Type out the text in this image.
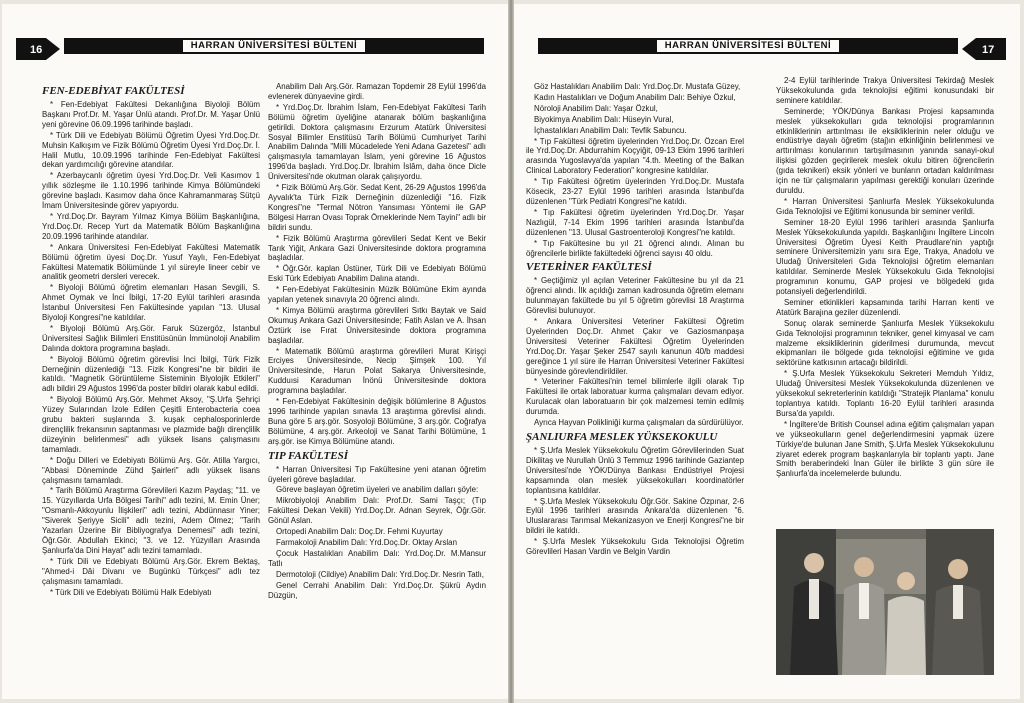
16	HARRAN ÜNİVERSİTESİ BÜLTENİ
FEN-EDEBİYAT FAKÜLTESİ

* Fen-Edebiyat Fakültesi Dekanlığına Biyoloji Bölüm Başkanı Prof.Dr. M. Yaşar Ünlü atandı. Prof.Dr. M. Yaşar Ünlü yeni görevine 06.09.1996 tarihinde başladı.

* Türk Dili ve Edebiyatı Bölümü Öğretim Üyesi Yrd.Doç.Dr. Muhsin Kalkışım ve Fizik Bölümü Öğretim Üyesi Yrd.Doç.Dr. İ. Halil Mutlu, 10.09.1996 tarihinde Fen-Edebiyat Fakültesi dekan yardımcılığı görevine atandılar.

* Azerbaycanlı öğretim üyesi Yrd.Doç.Dr. Veli Kasımov 1 yıllık sözleşme ile 1.10.1996 tarihinde Kimya Bölümündeki görevine başladı. Kasımov daha önce Kahramanmaraş Sütçü İmam Üniversitesinde görev yapıyordu.

* Yrd.Doç.Dr. Bayram Yılmaz Kimya Bölüm Başkanlığına, Yrd.Doç.Dr. Recep Yurt da Matematik Bölüm Başkanlığına 20.09.1996 tarihinde atandılar.

* Ankara Üniversitesi Fen-Edebiyat Fakültesi Matematik Bölümü öğretim üyesi Doç.Dr. Yusuf Yaylı, Fen-Edebiyat Fakültesi Matematik Bölümünde 1 yıl süreyle lineer cebir ve analitik geometri dersleri verecek.

* Biyoloji Bölümü öğretim elemanları Hasan Sevgili, S. Ahmet Oymak ve İnci İbilgi, 17-20 Eylül tarihleri arasında İstanbul Üniversitesi Fen Fakültesinde yapılan "13. Ulusal Biyoloji Kongresi"ne katıldılar.

* Biyoloji Bölümü Arş.Gör. Faruk Süzergöz, İstanbul Üniversitesi Sağlık Bilimleri Enstitüsünün İmmünoloji Anabilim Dalında doktora programına başladı.

* Biyoloji Bölümü öğretim görevlisi İnci İbilgi, Türk Fizik Derneğinin düzenlediği "13. Fizik Kongresi"ne bir bildiri ile katıldı. "Magnetik Görüntüleme Sisteminin Biyolojik Etkileri" adlı bildiri 29 Ağustos 1996'da poster bildiri olarak kabul edildi.

* Biyoloji Bölümü Arş.Gör. Mehmet Aksoy, "Ş.Urfa Şehriçi Yüzey Sularından İzole Edilen Çeşitli Enterobacteria coea grubu bakteri suşlarında 3. kuşak cephalosporinlerde dirençlilik frekansının saptanması ve plazmide bağlı dirençlilik düzeyinin belirlenmesi" adlı yüksek lisans çalışmasını tamamladı.

* Doğu Dilleri ve Edebiyatı Bölümü Arş. Gör. Atilla Yargıcı, "Abbasi Döneminde Zühd Şairleri" adlı yüksek lisans çalışmasını tamamladı.

* Tarih Bölümü Araştırma Görevlileri Kazım Paydaş; "11. ve 15. Yüzyıllarda Urfa Bölgesi Tarihi" adlı tezini, M. Emin Üner; "Osmanlı-Akkoyunlu İlişkileri" adlı tezini, Abdünnasır Yiner; "Siverek Şeriyye Sicili" adlı tezini, Adem Ölmez; "Tarih Yazarları Üzerine Bir Bibliyografya Denemesi" adlı tezini, Öğr.Gör. Abdullah Ekinci; "3. ve 12. Yüzyılları Arasında Şanlıurfa'da Dini Hayat" adlı tezini tamamladı.

* Türk Dili ve Edebiyatı Bölümü Arş.Gör. Ekrem Bektaş, "Ahmed-i Dâi Divanı ve Bugünkü Türkçesi" adlı tez çalışmasını tamamladı.

* Türk Dili ve Edebiyatı Bölümü Halk Edebiyatı

Anabilim Dalı Arş.Gör. Ramazan Topdemir 28 Eylül 1996'da evlenerek dünyaevine girdi.

* Yrd.Doç.Dr. İbrahim İslam, Fen-Edebiyat Fakültesi Tarih Bölümü öğretim üyeliğine atanarak bölüm başkanlığına getirildi. Doktora çalışmasını Erzurum Atatürk Üniversitesi Sosyal Bilimler Enstitüsü Tarih Bölümü Cumhuriyet Tarihi Anabilim Dalında "Milli Mücadelede Yeni Adana Gazetesi" adlı çalışmasıyla tamamlayan İslam, yeni görevine 16 Ağustos 1996'da başladı. Yrd.Doç.Dr. İbrahim İslâm, daha önce Dicle Üniversitesi'nde okutman olarak çalışıyordu.

* Fizik Bölümü Arş.Gör. Sedat Kent, 26-29 Ağustos 1996'da Ayvalık'ta Türk Fizik Derneğinin düzenlediği "16. Fizik Kongresi"ne "Termal Nötron Yansıması Yöntemi ile GAP Bölgesi Harran Ovası Toprak Örneklerinde Nem Tayini" adlı bir bildiri sundu.

* Fizik Bölümü Araştırma görevlileri Sedat Kent ve Bekir Tarık Yiğit, Ankara Gazi Üniversitesinde doktora programına başladılar.

* Öğr.Gör. kaplan Üstüner, Türk Dili ve Edebiyatı Bölümü Eski Türk Edebiyatı Anabilim Dalına atandı.

* Fen-Edebiyat Fakültesinin Müzik Bölümüne Ekim ayında yapılan yetenek sınavıyla 20 öğrenci alındı.

* Kimya Bölümü araştırma görevlileri Sıtkı Baytak ve Said Okumuş Ankara Gazi Üniversitesinde; Fatih Aslan ve A. İhsan Öztürk ise Fırat Üniversitesinde doktora programına başladılar.

* Matematik Bölümü araştırma görevlileri Murat Kirişçi Erciyes Üniversitesinde, Necip Şimşek 100. Yıl Üniversitesinde, Harun Polat Sakarya Üniversitesinde, Kudduısi Karaduman İnönü Üniversitesinde doktora programına başladılar.

* Fen-Edebiyat Fakültesinin değişik bölümlerine 8 Ağustos 1996 tarihinde yapılan sınavla 13 araştırma görevlisi alındı. Buna göre 5 arş.gör. Sosyoloji Bölümüne, 3 arş.gör. Coğrafya Bölümüne, 4 arş.gör. Arkeoloji ve Sanat Tarihi Bölümüne, 1 arş.gör. ise Kimya Bölümüne atandı.

TIP FAKÜLTESİ

* Harran Üniversitesi Tıp Fakültesine yeni atanan öğretim üyeleri göreve başladılar.

Göreve başlayan öğretim üyeleri ve anabilim dalları şöyle:

Mikrobiyoloji Anabilim Dalı: Prof.Dr. Sami Taşçı; (Tıp Fakültesi Dekan Vekili) Yrd.Doç.Dr. Adnan Seyrek, Öğr.Gör. Gönül Aslan.

Ortopedi Anabilim Dalı: Doç.Dr. Fehmi Kuyurtay

Farmakoloji Anabilim Dalı: Yrd.Doç.Dr. Oktay Arslan

Çocuk Hastalıkları Anabilim Dalı: Yrd.Doç.Dr. M.Mansur Tatlı

Dermotoloji (Cildiye) Anabilim Dalı: Yrd.Doç.Dr. Nesrin Tatlı,

Genel Cerrahi Anabilim Dalı: Yrd.Doç.Dr. Şükrü Aydın Düzgün,

HARRAN ÜNİVERSİTESİ BÜLTENİ	17

Göz Hastalıkları Anabilim Dalı: Yrd.Doç.Dr. Mustafa Güzey,

Kadın Hastalıkları ve Doğum Anabilim Dalı: Behiye Özkul,

Nöroloji Anabilim Dalı: Yaşar Özkul,

Biyokimya Anabilim Dalı: Hüseyin Vural,

İçhastalıkları Anabilim Dalı: Tevfik Sabuncu.

* Tıp Fakültesi öğretim üyelerinden Yrd.Doç.Dr. Özcan Erel ile Yrd.Doç.Dr. Abdurrahim Koçyiğit, 09-13 Ekim 1996 tarihleri arasında Yugoslavya'da yapılan "4.th. Meeting of the Balkan Clinical Laboratory Federation" kongresine katıldılar.

* Tıp Fakültesi öğretim üyelerinden Yrd.Doç.Dr. Mustafa Kösecik, 23-27 Eylül 1996 tarihleri arasında İstanbul'da düzenlenen "Türk Pediatri Kongresi"ne katıldı.

* Tıp Fakültesi öğretim üyelerinden Yrd.Doç.Dr. Yaşar Nazlıgül, 7-14 Ekim 1996 tarihleri arasında İstanbul'da düzenlenen "13. Ulusal Gastroenteroloji Kongresi"ne katıldı.

* Tıp Fakültesine bu yıl 21 öğrenci alındı. Alınan bu öğrencilerle birlikte fakültedeki öğrenci sayısı 40 oldu.

VETERİNER FAKÜLTESİ

* Geçtiğimiz yıl açılan Veteriner Fakültesine bu yıl da 21 öğrenci alındı. İlk açıldığı zaman kadrosunda öğretim elemanı bulunmayan fakültede bu yıl 5 öğretim görevlisi 18 Araştırma Görevlisi bulunuyor.

* Ankara Üniversitesi Veteriner Fakültesi Öğretim Üyelerinden Doç.Dr. Ahmet Çakır ve Gaziosmanpaşa Üniversitesi Veteriner Fakültesi Öğretim Üyelerinden Yrd.Doç.Dr. Yaşar Şeker 2547 sayılı kanunun 40/b maddesi gereğince 1 yıl süre ile Harran Üniversitesi Veteriner Fakültesi bünyesinde görevlendirildiler.

* Veteriner Fakültesi'nin temel bilimlerle ilgili olarak Tıp Fakültesi ile ortak laboratuar kurma çalışmaları devam ediyor. Kurulacak olan laboratuarın bir çok malzemesi temin edilmiş durumda.

Ayrıca Hayvan Polikliniği kurma çalışmaları da sürdürülüyor.

ŞANLIURFA MESLEK YÜKSEKOKULU

* Ş.Urfa Meslek Yüksekokulu Öğretim Görevlilerinden Suat Dikilitaş ve Nurullah Ünlü 3 Temmuz 1996 tarihinde Gaziantep Üniversitesi'nde YÖK/Dünya Bankası Endüstriyel Projesi kapsamında olan meslek yüksekokulları koordinatörler toplantısına katıldılar.

* Ş.Urfa Meslek Yüksekokulu Öğr.Gör. Sakine Özpınar, 2-6 Eylül 1996 tarihleri arasında Ankara'da düzenlenen "6. Uluslararası Tarımsal Mekanizasyon ve Enerji Kongresi"ne bir bildiri ile katıldı.

* Ş.Urfa Meslek Yüksekokulu Gıda Teknolojisi Öğretim Görevlileri Hasan Vardin ve Belgin Vardin

2-4 Eylül tarihlerinde Trakya Üniversitesi Tekirdağ Meslek Yüksekokulunda gıda teknolojisi eğitimi konusundaki bir seminere katıldılar.

Seminerde; YÖK/Dünya Bankası Projesi kapsamında meslek yüksekokulları gıda teknolojisi programlarının etkinliklerinin arttırılması ile eksikliklerinin neler olduğu ve endüstriye dayalı öğretim (staj)ın etkinliğinin belirlenmesi ve arttırılması konularının tartışılmasının yanında sanayi-okul ilişkisi gözden geçirilerek meslek okulu bitiren öğrencilerin (gıda teknikeri) eksik yönleri ve bunların ortadan kaldırılması için ne tür çalışmaların yapılması gerektiği konuları üzerinde duruldu.

* Harran Üniversitesi Şanlıurfa Meslek Yüksekokulunda Gıda Teknolojisi ve Eğitimi konusunda bir seminer verildi.

Seminer 18-20 Eylül 1996 tarihleri arasında Şanlıurfa Meslek Yüksekokulunda yapıldı. Başkanlığını İngiltere Lincoln Üniversitesi Öğretim Üyesi Keith Praudlare'nin yaptığı seminere Üniversitemizin yanı sıra Ege, Trakya, Anadolu ve Uludağ Üniversiteleri Gıda Teknolojisi öğretim elemanları katıldılar. Seminerde Meslek Yüksekokulu Gıda Teknolojisi programının konumu, GAP projesi ve bölgedeki gıda potansiyeli değerlendirildi.

Seminer etkinlikleri kapsamında tarihi Harran kenti ve Atatürk Barajına geziler düzenlendi.

Sonuç olarak seminerde Şanlıurfa Meslek Yüksekokulu Gıda Teknolojisi programının tekniker, genel kimyasal ve cam malzeme eksikliklerinin giderilmesi durumunda, mevcut ekipmanları ile bölgede gıda teknolojisi eğitimine ve gıda sektörüne katkısının artacağı bildirildi.

* Ş.Urfa Meslek Yüksekokulu Sekreteri Memduh Yıldız, Uludağ Üniversitesi Meslek Yüksekokulunda düzenlenen ve yüksekokul sekreterlerinin katıldığı "Stratejik Planlama" konulu toplantıya katıldı. Toplantı 16-20 Eylül tarihleri arasında Bursa'da yapıldı.

* İngiltere'de British Counsel adına eğitim çalışmaları yapan ve yükseokulların genel değerlendirmesini yapmak üzere Türkiye'de bulunan Jane Smith, Ş.Urfa Meslek Yüksekokulunu ziyaret ederek program başkanlarıyla bir toplantı yaptı. Jane Smith beraberindeki İnan Güler ile birlikte 3 gün süre ile Şanlıurfa'da incelemelerde bulundu.
